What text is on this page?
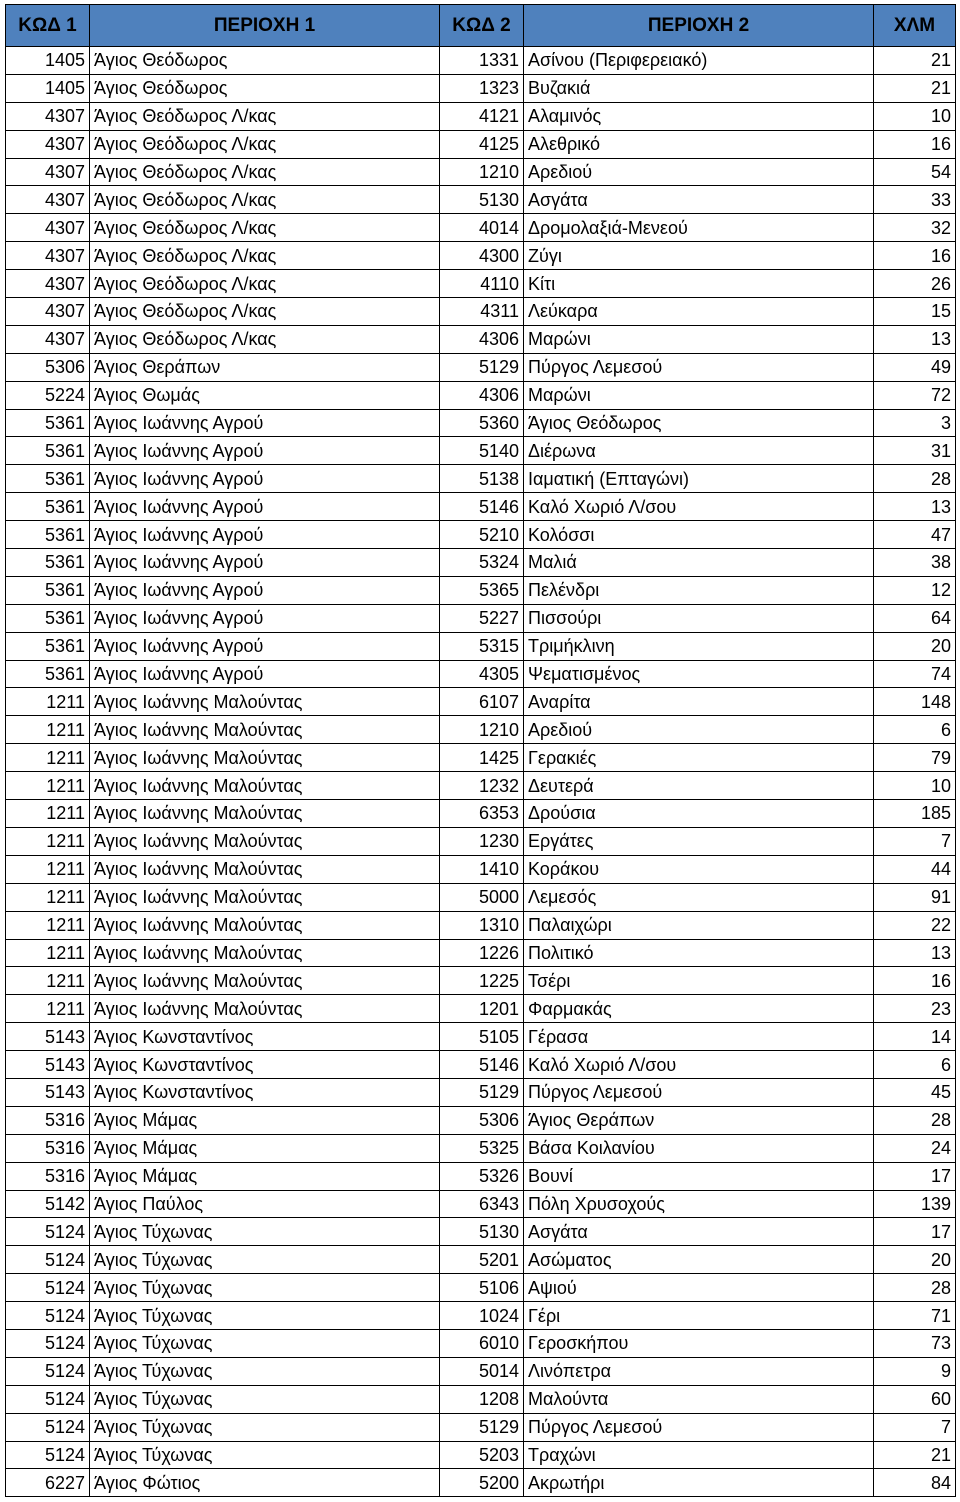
ΚΩΔ 1	ΠΕΡΙΟΧΗ 1	ΚΩΔ 2	ΠΕΡΙΟΧΗ 2	ΧΛΜ
1405	Άγιος Θεόδωρος	1331	Ασίνου (Περιφερειακό)	21
1405	Άγιος Θεόδωρος	1323	Βυζακιά	21
4307	Άγιος Θεόδωρος Λ/κας	4121	Αλαμινός	10
4307	Άγιος Θεόδωρος Λ/κας	4125	Αλεθρικό	16
4307	Άγιος Θεόδωρος Λ/κας	1210	Αρεδιού	54
4307	Άγιος Θεόδωρος Λ/κας	5130	Ασγάτα	33
4307	Άγιος Θεόδωρος Λ/κας	4014	Δρομολαξιά-Μενεού	32
4307	Άγιος Θεόδωρος Λ/κας	4300	Ζύγι	16
4307	Άγιος Θεόδωρος Λ/κας	4110	Κίτι	26
4307	Άγιος Θεόδωρος Λ/κας	4311	Λεύκαρα	15
4307	Άγιος Θεόδωρος Λ/κας	4306	Μαρώνι	13
5306	Άγιος Θεράπων	5129	Πύργος Λεμεσού	49
5224	Άγιος Θωμάς	4306	Μαρώνι	72
5361	Άγιος Ιωάννης Αγρού	5360	Άγιος Θεόδωρος	3
5361	Άγιος Ιωάννης Αγρού	5140	Διέρωνα	31
5361	Άγιος Ιωάννης Αγρού	5138	Ιαματική (Επταγώνι)	28
5361	Άγιος Ιωάννης Αγρού	5146	Καλό Χωριό Λ/σου	13
5361	Άγιος Ιωάννης Αγρού	5210	Κολόσσι	47
5361	Άγιος Ιωάννης Αγρού	5324	Μαλιά	38
5361	Άγιος Ιωάννης Αγρού	5365	Πελένδρι	12
5361	Άγιος Ιωάννης Αγρού	5227	Πισσούρι	64
5361	Άγιος Ιωάννης Αγρού	5315	Τριμήκλινη	20
5361	Άγιος Ιωάννης Αγρού	4305	Ψεματισμένος	74
1211	Άγιος Ιωάννης Μαλούντας	6107	Αναρίτα	148
1211	Άγιος Ιωάννης Μαλούντας	1210	Αρεδιού	6
1211	Άγιος Ιωάννης Μαλούντας	1425	Γερακιές	79
1211	Άγιος Ιωάννης Μαλούντας	1232	Δευτερά	10
1211	Άγιος Ιωάννης Μαλούντας	6353	Δρούσια	185
1211	Άγιος Ιωάννης Μαλούντας	1230	Εργάτες	7
1211	Άγιος Ιωάννης Μαλούντας	1410	Κοράκου	44
1211	Άγιος Ιωάννης Μαλούντας	5000	Λεμεσός	91
1211	Άγιος Ιωάννης Μαλούντας	1310	Παλαιχώρι	22
1211	Άγιος Ιωάννης Μαλούντας	1226	Πολιτικό	13
1211	Άγιος Ιωάννης Μαλούντας	1225	Τσέρι	16
1211	Άγιος Ιωάννης Μαλούντας	1201	Φαρμακάς	23
5143	Άγιος Κωνσταντίνος	5105	Γέρασα	14
5143	Άγιος Κωνσταντίνος	5146	Καλό Χωριό Λ/σου	6
5143	Άγιος Κωνσταντίνος	5129	Πύργος Λεμεσού	45
5316	Άγιος Μάμας	5306	Άγιος Θεράπων	28
5316	Άγιος Μάμας	5325	Βάσα Κοιλανίου	24
5316	Άγιος Μάμας	5326	Βουνί	17
5142	Άγιος Παύλος	6343	Πόλη Χρυσοχούς	139
5124	Άγιος Τύχωνας	5130	Ασγάτα	17
5124	Άγιος Τύχωνας	5201	Ασώματος	20
5124	Άγιος Τύχωνας	5106	Αψιού	28
5124	Άγιος Τύχωνας	1024	Γέρι	71
5124	Άγιος Τύχωνας	6010	Γεροσκήπου	73
5124	Άγιος Τύχωνας	5014	Λινόπετρα	9
5124	Άγιος Τύχωνας	1208	Μαλούντα	60
5124	Άγιος Τύχωνας	5129	Πύργος Λεμεσού	7
5124	Άγιος Τύχωνας	5203	Τραχώνι	21
6227	Άγιος Φώτιος	5200	Ακρωτήρι	84
